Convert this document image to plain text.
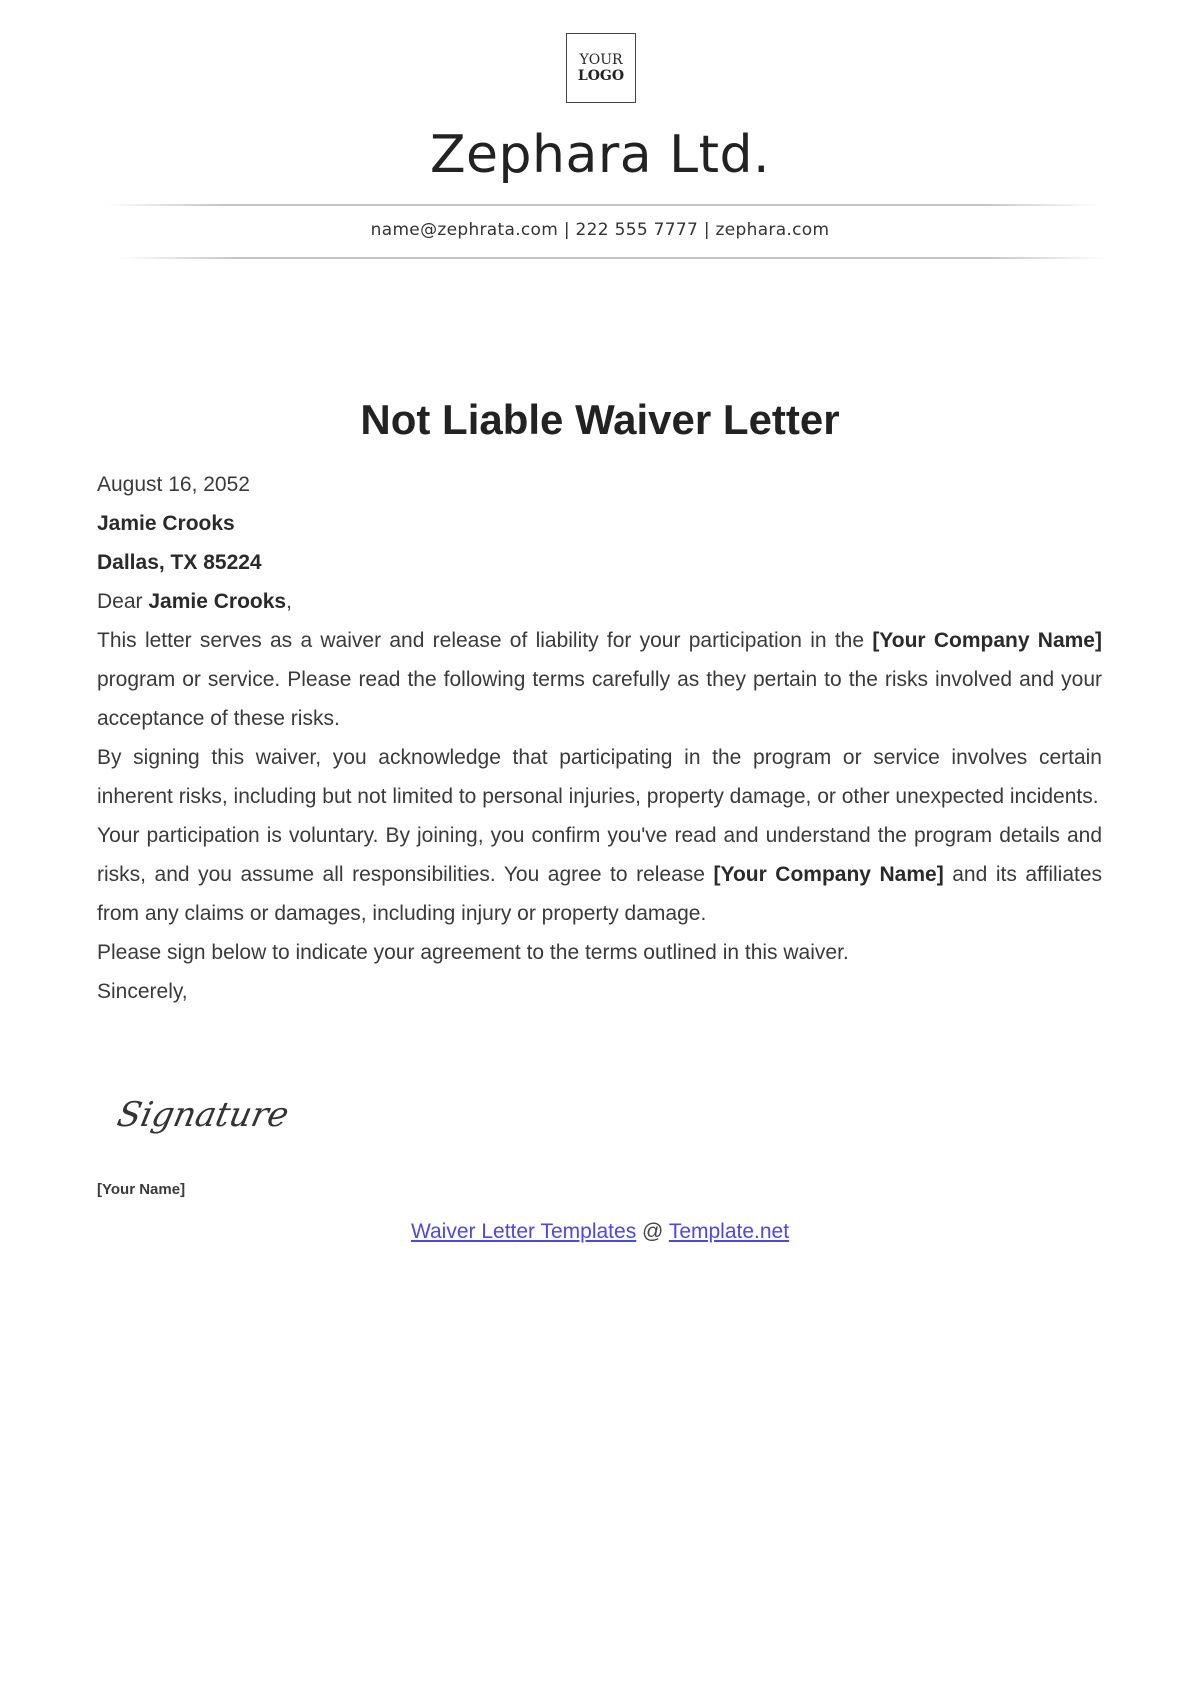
YOUR
LOGO
Zephara Ltd.
name@zephrata.com | 222 555 7777 | zephara.com
Not Liable Waiver Letter

August 16, 2052

Jamie Crooks

Dallas, TX 85224

Dear Jamie Crooks,

This letter serves as a waiver and release of liability for your participation in the [Your Company Name] program or service. Please read the following terms carefully as they pertain to the risks involved and your acceptance of these risks.

By signing this waiver, you acknowledge that participating in the program or service involves certain inherent risks, including but not limited to personal injuries, property damage, or other unexpected incidents.

Your participation is voluntary. By joining, you confirm you've read and understand the program details and risks, and you assume all responsibilities. You agree to release [Your Company Name] and its affiliates from any claims or damages, including injury or property damage.

Please sign below to indicate your agreement to the terms outlined in this waiver.

Sincerely,

Signature
[Your Name]
Waiver Letter Templates @ Template.net
